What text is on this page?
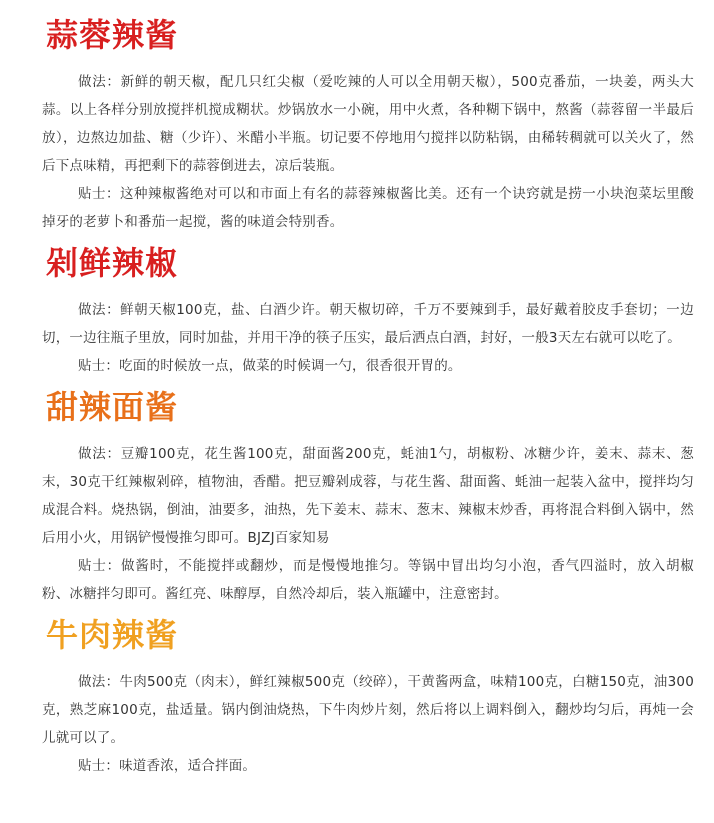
蒜蓉辣酱

做法：新鲜的朝天椒，配几只红尖椒（爱吃辣的人可以全用朝天椒），500克番茄，一块姜，两头大蒜。以上各样分别放搅拌机搅成糊状。炒锅放水一小碗，用中火煮，各种糊下锅中，熬酱（蒜蓉留一半最后放），边熬边加盐、糖（少许）、米醋小半瓶。切记要不停地用勺搅拌以防粘锅，由稀转稠就可以关火了，然后下点味精，再把剩下的蒜蓉倒进去，凉后装瓶。

贴士：这种辣椒酱绝对可以和市面上有名的蒜蓉辣椒酱比美。还有一个诀窍就是捞一小块泡菜坛里酸掉牙的老萝卜和番茄一起搅，酱的味道会特别香。

剁鲜辣椒

做法：鲜朝天椒100克，盐、白酒少许。朝天椒切碎，千万不要辣到手，最好戴着胶皮手套切；一边切，一边往瓶子里放，同时加盐，并用干净的筷子压实，最后洒点白酒，封好，一般3天左右就可以吃了。

贴士：吃面的时候放一点，做菜的时候调一勺，很香很开胃的。

甜辣面酱

做法：豆瓣100克，花生酱100克，甜面酱200克，蚝油1勺，胡椒粉、冰糖少许，姜末、蒜末、葱末，30克干红辣椒剁碎，植物油，香醋。把豆瓣剁成蓉，与花生酱、甜面酱、蚝油一起装入盆中，搅拌均匀成混合料。烧热锅，倒油，油要多，油热，先下姜末、蒜末、葱末、辣椒末炒香，再将混合料倒入锅中，然后用小火，用锅铲慢慢推匀即可。BJZJ百家知易

贴士：做酱时，不能搅拌或翻炒，而是慢慢地推匀。等锅中冒出均匀小泡，香气四溢时，放入胡椒粉、冰糖拌匀即可。酱红亮、味醇厚，自然冷却后，装入瓶罐中，注意密封。

牛肉辣酱

做法：牛肉500克（肉末），鲜红辣椒500克（绞碎），干黄酱两盒，味精100克，白糖150克，油300克，熟芝麻100克，盐适量。锅内倒油烧热，下牛肉炒片刻，然后将以上调料倒入，翻炒均匀后，再炖一会儿就可以了。

贴士：味道香浓，适合拌面。
